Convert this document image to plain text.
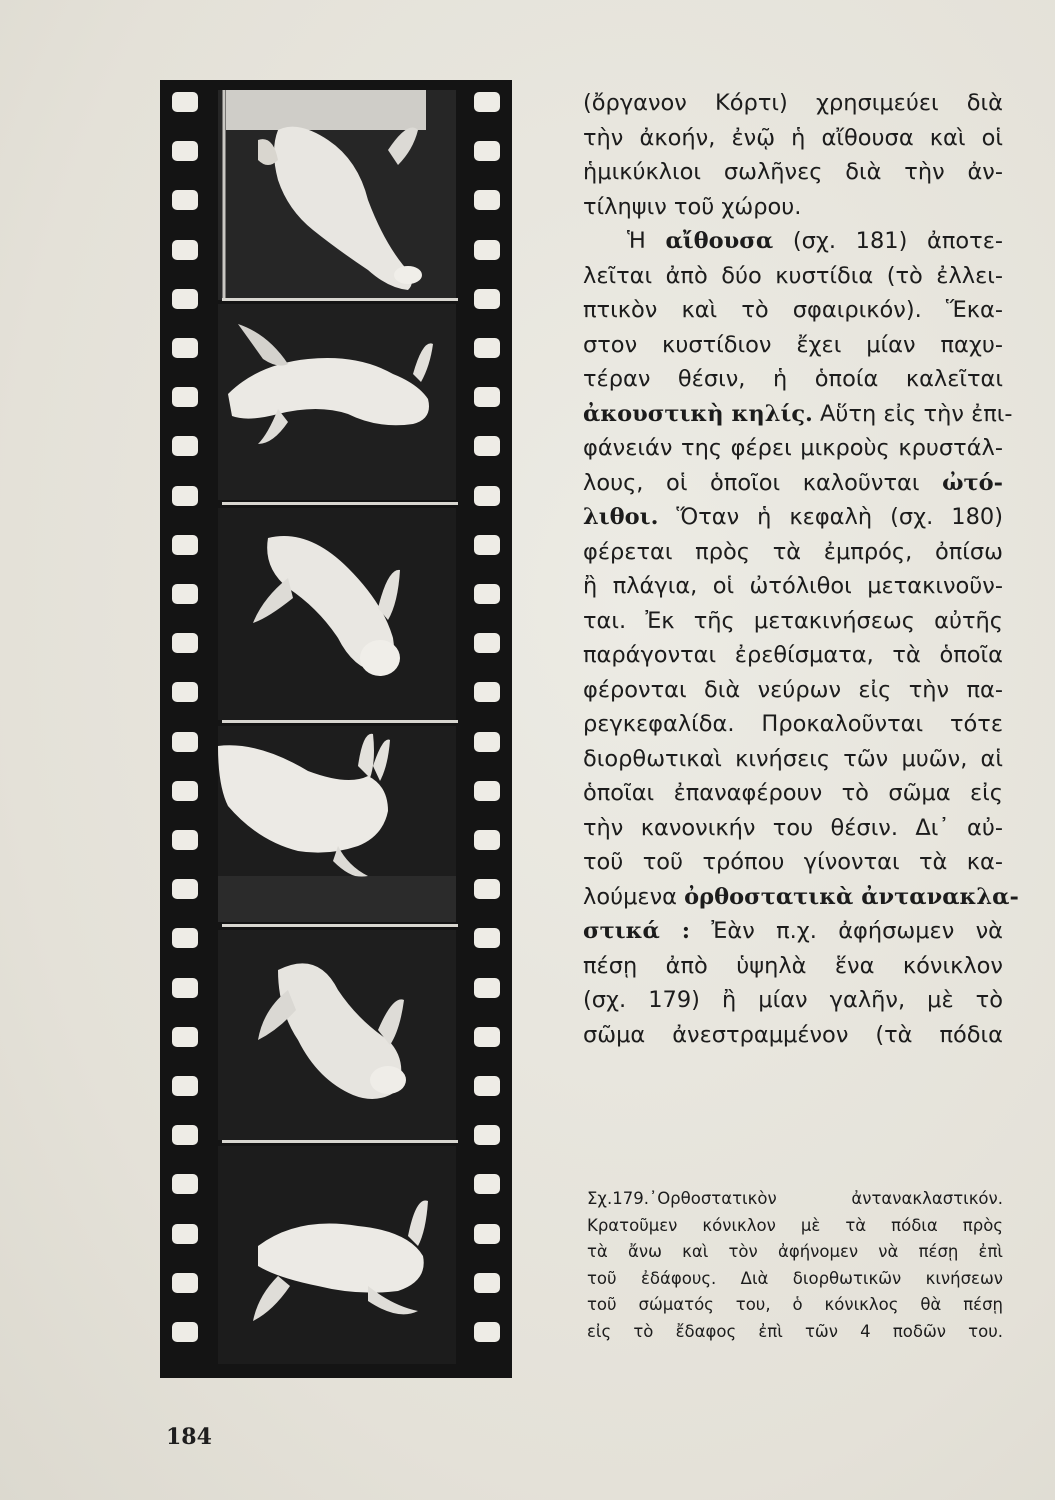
(ὄργανον Κόρτι) χρησιμεύει διὰ
τὴν ἀκοήν, ἐνῷ ἡ αἴθουσα καὶ οἱ
ἡμικύκλιοι σωλῆνες διὰ τὴν ἀν-
τίληψιν τοῦ χώρου.
Ἡ αἴθουσα (σχ. 181) ἀποτε-
λεῖται ἀπὸ δύο κυστίδια (τὸ ἐλλει-
πτικὸν καὶ τὸ σφαιρικόν). Ἕκα-
στον κυστίδιον ἔχει μίαν παχυ-
τέραν θέσιν, ἡ ὁποία καλεῖται
ἀκουστικὴ κηλίς. Αὕτη εἰς τὴν ἐπι-
φάνειάν της φέρει μικροὺς κρυστάλ-
λους, οἱ ὁποῖοι καλοῦνται ὠτό-
λιθοι. Ὅταν ἡ κεφαλὴ (σχ. 180)
φέρεται πρὸς τὰ ἐμπρός, ὀπίσω
ἢ πλάγια, οἱ ὠτόλιθοι μετακινοῦν-
ται. Ἐκ τῆς μετακινήσεως αὐτῆς
παράγονται ἐρεθίσματα, τὰ ὁποῖα
φέρονται διὰ νεύρων εἰς τὴν πα-
ρεγκεφαλίδα. Προκαλοῦνται τότε
διορθωτικαὶ κινήσεις τῶν μυῶν, αἱ
ὁποῖαι ἐπαναφέρουν τὸ σῶμα εἰς
τὴν κανονικήν του θέσιν. Δι᾽ αὐ-
τοῦ τοῦ τρόπου γίνονται τὰ κα-
λούμενα ὀρθοστατικὰ ἀντανακλα-
στικά : Ἐὰν π.χ. ἀφήσωμεν νὰ
πέσῃ ἀπὸ ὑψηλὰ ἕνα κόνικλον
(σχ. 179) ἢ μίαν γαλῆν, μὲ τὸ
σῶμα ἀνεστραμμένον (τὰ πόδια
Σχ.179.᾽Ορθοστατικὸν ἀντανακλαστικόν.
Κρατοῦμεν κόνικλον μὲ τὰ πόδια πρὸς
τὰ ἄνω καὶ τὸν ἀφήνομεν νὰ πέσῃ ἐπὶ
τοῦ ἐδάφους. Διὰ διορθωτικῶν κινήσεων
τοῦ σώματός του, ὁ κόνικλος θὰ πέσῃ
εἰς τὸ ἔδαφος ἐπὶ τῶν 4 ποδῶν του.
184
